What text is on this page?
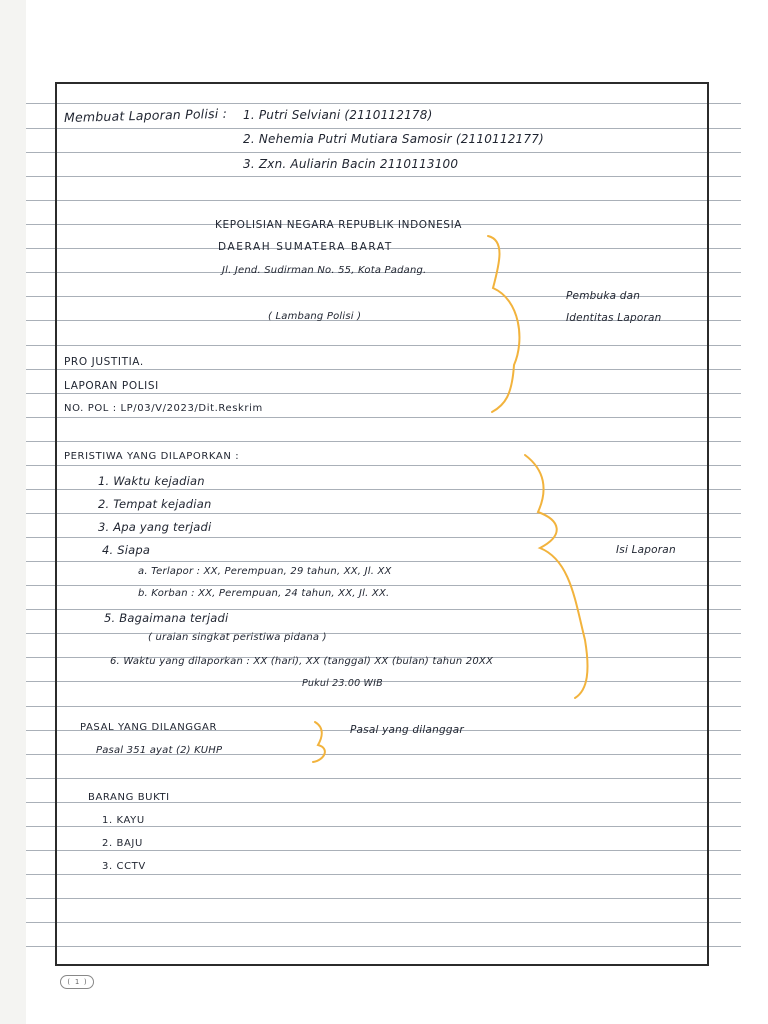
Membuat Laporan Polisi : 1. Putri Selviani (2110112178)
2. Nehemia Putri Mutiara Samosir (2110112177)
3. Zxn. Auliarin Bacin 2110113100
KEPOLISIAN NEGARA REPUBLIK INDONESIA
DAERAH SUMATERA BARAT
Jl. Jend. Sudirman No. 55, Kota Padang.
( Lambang Polisi )
Pembuka dan
Identitas Laporan
PRO JUSTITIA.
LAPORAN POLISI
NO. POL : LP/03/V/2023/Dit.Reskrim
PERISTIWA YANG DILAPORKAN :
1. Waktu kejadian
2. Tempat kejadian
3. Apa yang terjadi
4. Siapa	Isi Laporan
a. Terlapor : XX, Perempuan, 29 tahun, XX, Jl. XX
b. Korban : XX, Perempuan, 24 tahun, XX, Jl. XX.
5. Bagaimana terjadi
( uraian singkat peristiwa pidana )
6. Waktu yang dilaporkan : XX (hari), XX (tanggal) XX (bulan) tahun 20XX
Pukul 23.00 WIB
PASAL YANG DILANGGAR
Pasal 351 ayat (2) KUHP
Pasal yang dilanggar
BARANG BUKTI
1. KAYU
2. BAJU
3. CCTV
( 1 )
